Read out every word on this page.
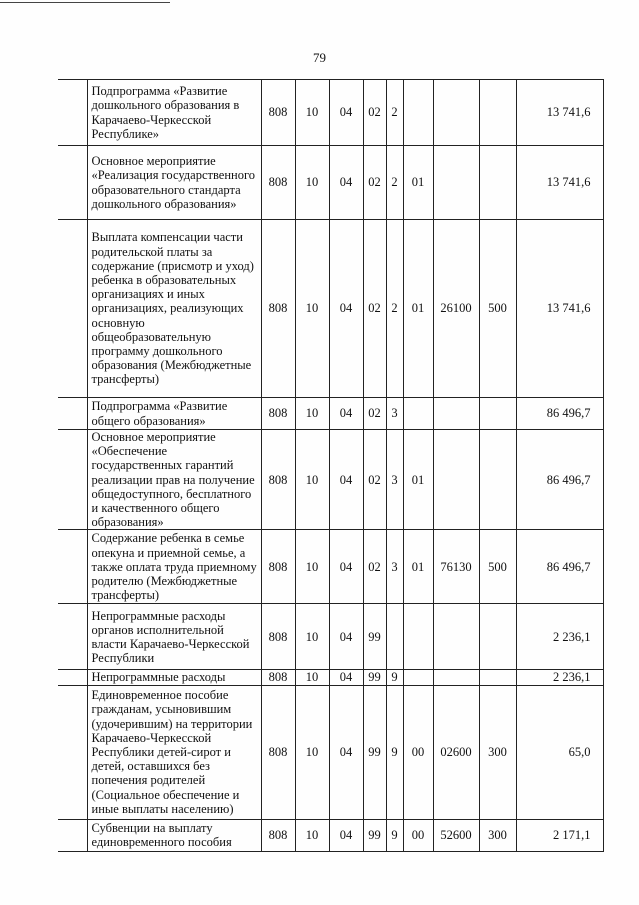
79
	Подпрограмма «Развитие дошкольного образования в Карачаево-Черкесской Республике»	808	10	04	02	2				13 741,6
	Основное мероприятие «Реализация государственного образовательного стандарта дошкольного образования»	808	10	04	02	2	01			13 741,6
	Выплата компенсации части родительской платы за содержание (присмотр и уход) ребенка в образовательных организациях и иных организациях, реализующих основную общеобразовательную программу дошкольного образования (Межбюджетные трансферты)	808	10	04	02	2	01	26100	500	13 741,6
	Подпрограмма «Развитие общего образования»	808	10	04	02	3				86 496,7
	Основное мероприятие «Обеспечение государственных гарантий реализации прав на получение общедоступного, бесплатного и качественного общего образования»	808	10	04	02	3	01			86 496,7
	Содержание ребенка в семье опекуна и приемной семье, а также оплата труда приемному родителю (Межбюджетные трансферты)	808	10	04	02	3	01	76130	500	86 496,7
	Непрограммные расходы органов исполнительной власти Карачаево-Черкесской Республики	808	10	04	99					2 236,1
	Непрограммные расходы	808	10	04	99	9				2 236,1
	Единовременное пособие гражданам, усыновившим (удочерившим) на территории Карачаево-Черкесской Республики детей-сирот и детей, оставшихся без попечения родителей (Социальное обеспечение и иные выплаты населению)	808	10	04	99	9	00	02600	300	65,0
	Субвенции на выплату единовременного пособия	808	10	04	99	9	00	52600	300	2 171,1
